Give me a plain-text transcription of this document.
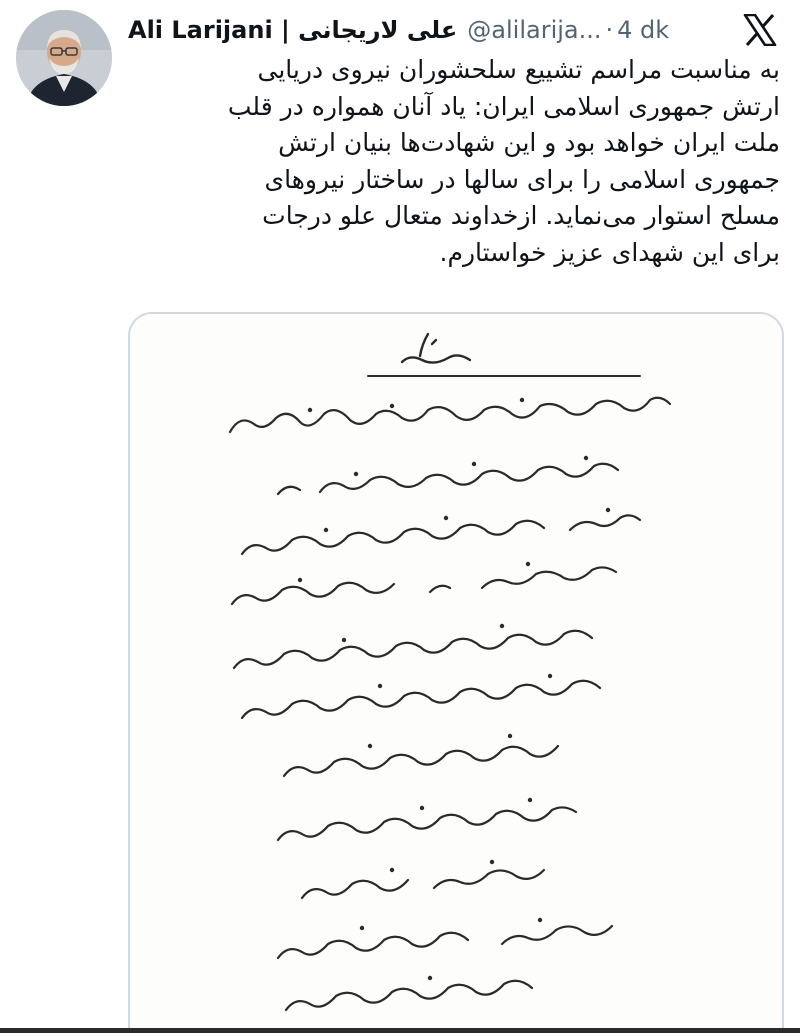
Ali Larijani | علی لاریجانی @alilarija... · 4 dk
به مناسبت مراسم تشییع سلحشوران نیروی دریایی
ارتش جمهوری اسلامی ایران: یاد آنان همواره در قلب
ملت ایران خواهد بود و این شهادت‌ها بنیان ارتش
جمهوری اسلامی را برای سالها در ساختار نیروهای
مسلح استوار می‌نماید. ازخداوند متعال علو درجات
برای این شهدای عزیز خواستارم.
